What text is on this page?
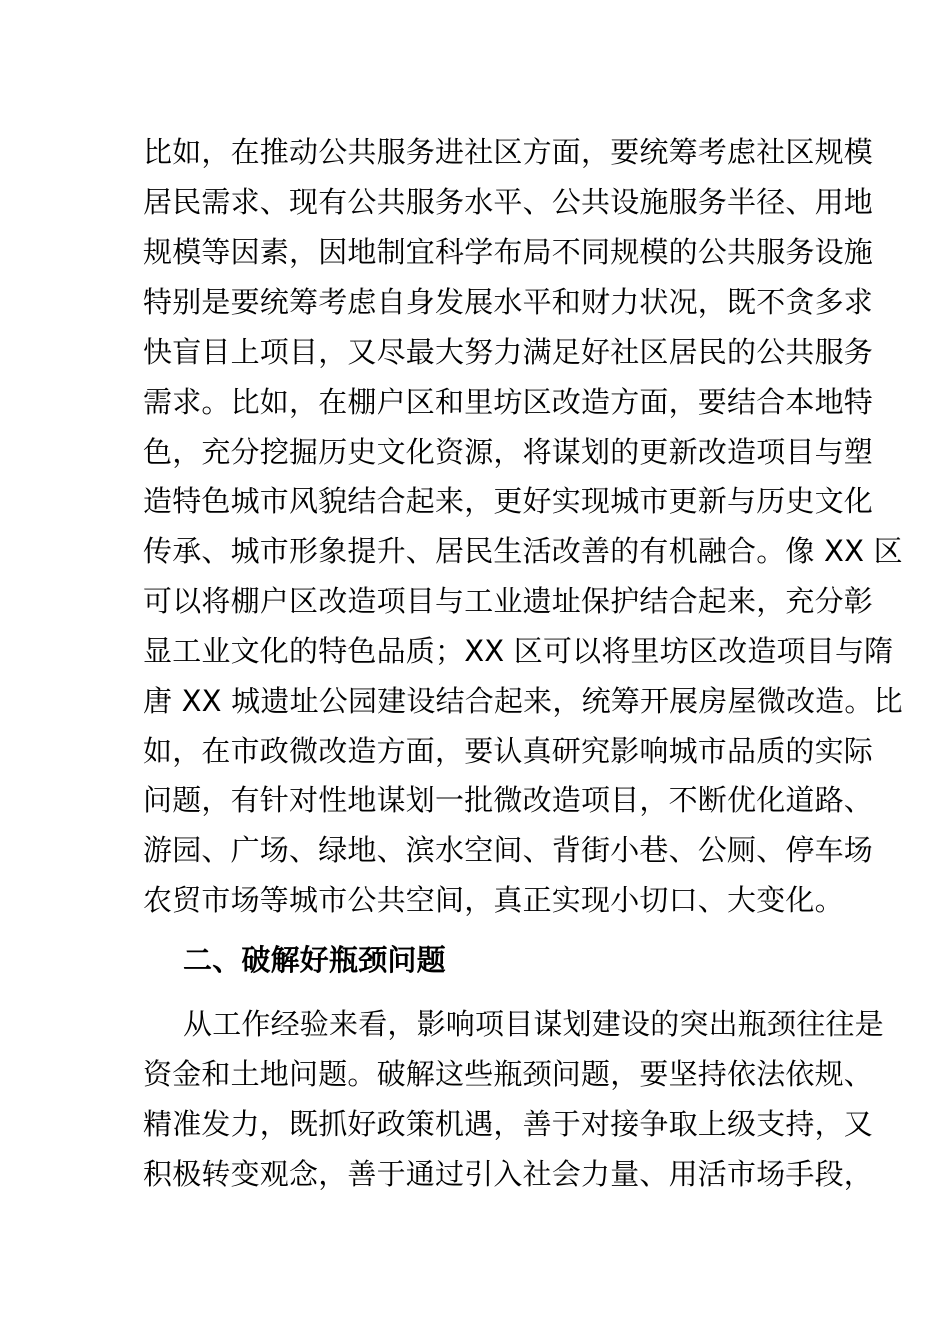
比如，在推动公共服务进社区方面，要统筹考虑社区规模
居民需求、现有公共服务水平、公共设施服务半径、用地
规模等因素，因地制宜科学布局不同规模的公共服务设施
特别是要统筹考虑自身发展水平和财力状况，既不贪多求
快盲目上项目，又尽最大努力满足好社区居民的公共服务
需求。比如，在棚户区和里坊区改造方面，要结合本地特
色，充分挖掘历史文化资源，将谋划的更新改造项目与塑
造特色城市风貌结合起来，更好实现城市更新与历史文化
传承、城市形象提升、居民生活改善的有机融合。像 XX 区
可以将棚户区改造项目与工业遗址保护结合起来，充分彰
显工业文化的特色品质；XX 区可以将里坊区改造项目与隋
唐 XX 城遗址公园建设结合起来，统筹开展房屋微改造。比
如，在市政微改造方面，要认真研究影响城市品质的实际
问题，有针对性地谋划一批微改造项目，不断优化道路、
游园、广场、绿地、滨水空间、背街小巷、公厕、停车场
农贸市场等城市公共空间，真正实现小切口、大变化。
二、破解好瓶颈问题
从工作经验来看，影响项目谋划建设的突出瓶颈往往是
资金和土地问题。破解这些瓶颈问题，要坚持依法依规、
精准发力，既抓好政策机遇，善于对接争取上级支持，又
积极转变观念，善于通过引入社会力量、用活市场手段，
